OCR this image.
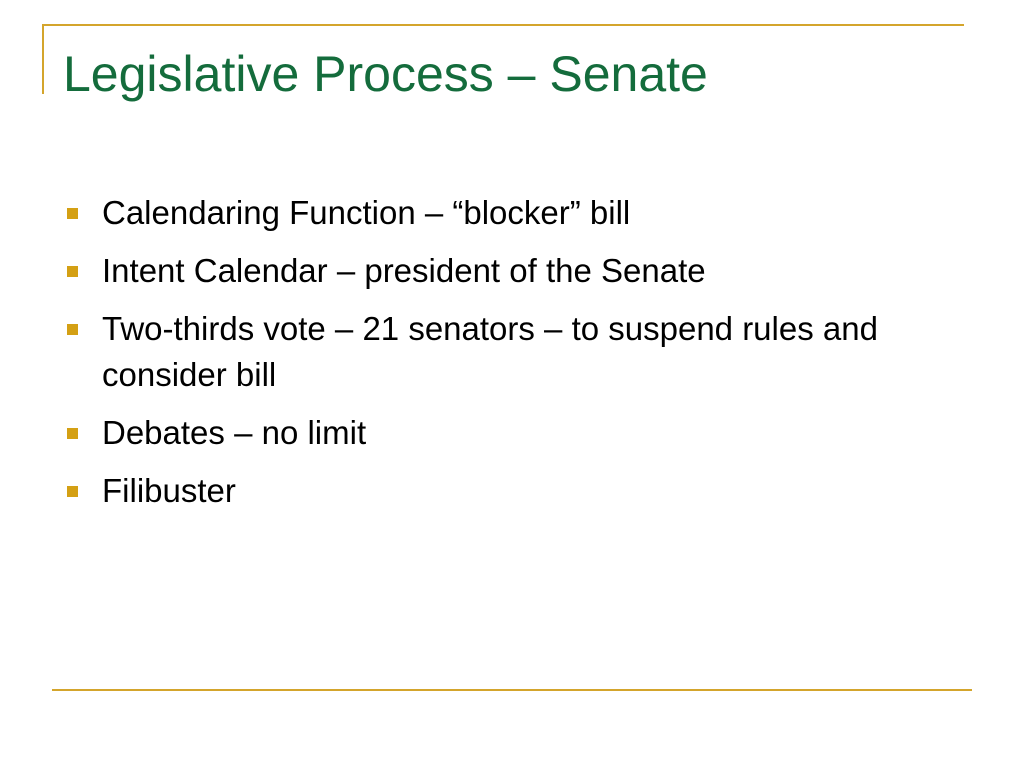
Legislative Process – Senate
Calendaring Function – “blocker” bill
Intent Calendar – president of the Senate
Two-thirds vote – 21 senators – to suspend rules and consider bill
Debates – no limit
Filibuster
